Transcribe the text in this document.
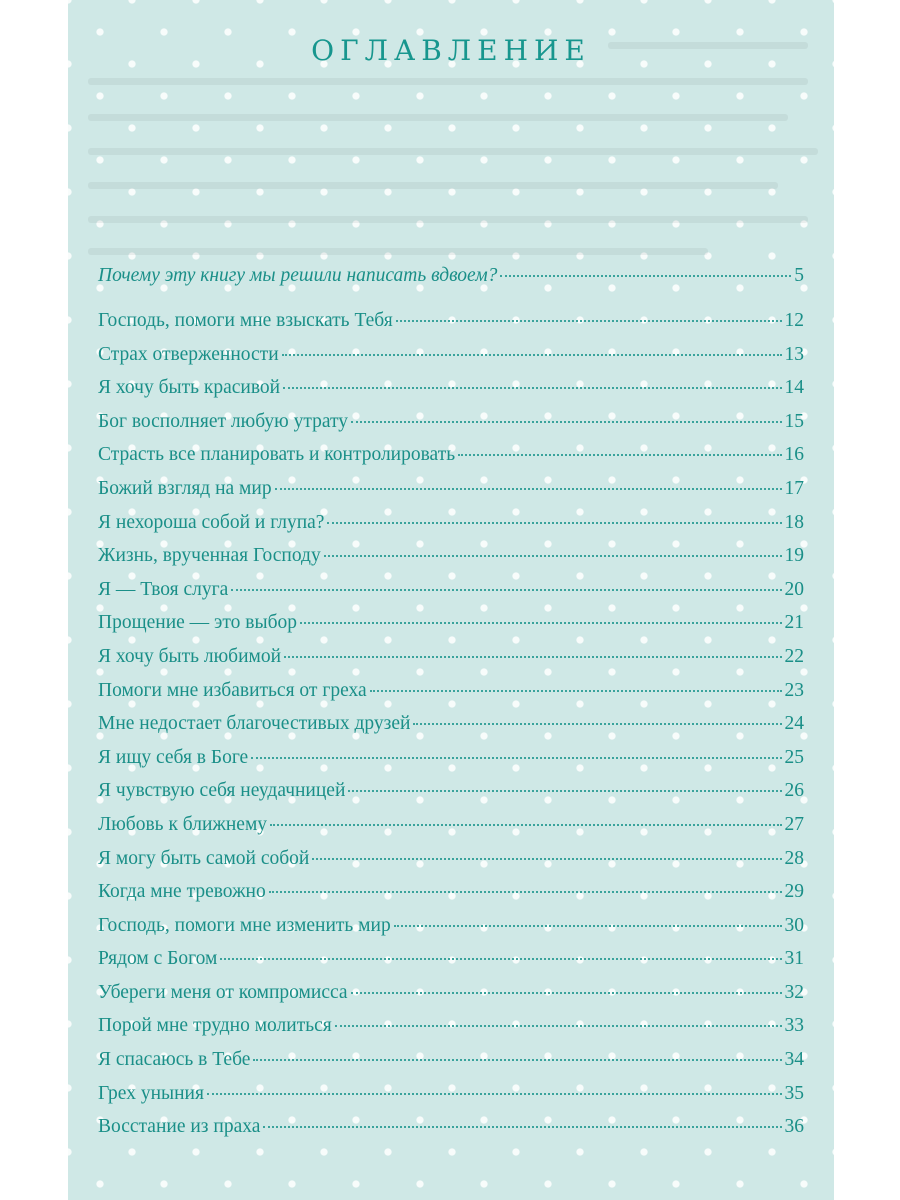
ОГЛАВЛЕНИЕ
Почему эту книгу мы решили написать вдвоем?	5
Господь, помоги мне взыскать Тебя	12
Страх отверженности	13
Я хочу быть красивой	14
Бог восполняет любую утрату	15
Страсть все планировать и контролировать	16
Божий взгляд на мир	17
Я нехороша собой и глупа?	18
Жизнь, врученная Господу	19
Я — Твоя слуга	20
Прощение — это выбор	21
Я хочу быть любимой	22
Помоги мне избавиться от греха	23
Мне недостает благочестивых друзей	24
Я ищу себя в Боге	25
Я чувствую себя неудачницей	26
Любовь к ближнему	27
Я могу быть самой собой	28
Когда мне тревожно	29
Господь, помоги мне изменить мир	30
Рядом с Богом	31
Убереги меня от компромисса	32
Порой мне трудно молиться	33
Я спасаюсь в Тебе	34
Грех уныния	35
Восстание из праха	36
